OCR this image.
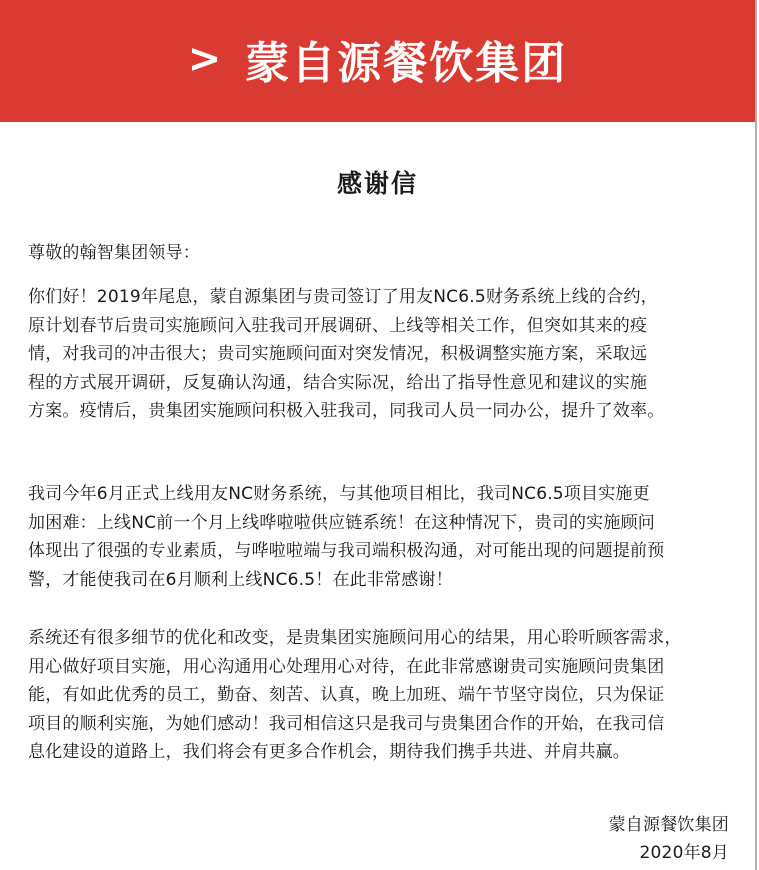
> 蒙自源餐饮集团
感谢信
尊敬的翰智集团领导：
你们好！2019年尾息，蒙自源集团与贵司签订了用友NC6.5财务系统上线的合约，
原计划春节后贵司实施顾问入驻我司开展调研、上线等相关工作，但突如其来的疫
情，对我司的冲击很大；贵司实施顾问面对突发情况，积极调整实施方案，采取远
程的方式展开调研，反复确认沟通，结合实际况，给出了指导性意见和建议的实施
方案。疫情后，贵集团实施顾问积极入驻我司，同我司人员一同办公，提升了效率。
我司今年6月正式上线用友NC财务系统，与其他项目相比，我司NC6.5项目实施更
加困难：上线NC前一个月上线哗啦啦供应链系统！在这种情况下，贵司的实施顾问
体现出了很强的专业素质，与哗啦啦端与我司端积极沟通，对可能出现的问题提前预
警，才能使我司在6月顺利上线NC6.5！在此非常感谢！
系统还有很多细节的优化和改变，是贵集团实施顾问用心的结果，用心聆听顾客需求，
用心做好项目实施，用心沟通用心处理用心对待，在此非常感谢贵司实施顾问贵集团
能，有如此优秀的员工，勤奋、刻苦、认真，晚上加班、端午节坚守岗位，只为保证
项目的顺利实施，为她们感动！我司相信这只是我司与贵集团合作的开始，在我司信
息化建设的道路上，我们将会有更多合作机会，期待我们携手共进、并肩共赢。
蒙自源餐饮集团
2020年8月
